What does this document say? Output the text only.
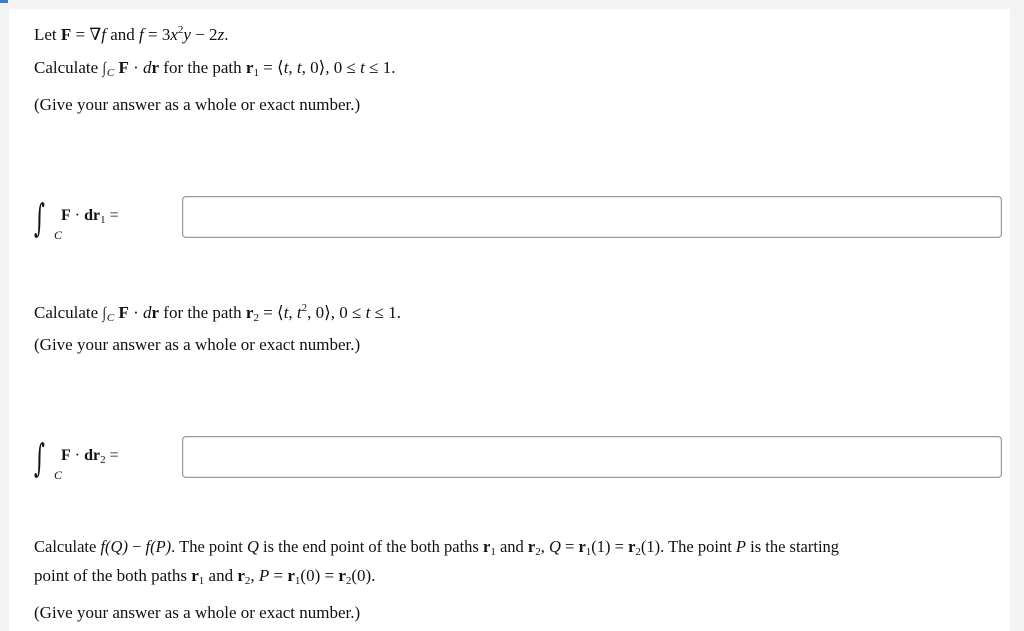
Let F = ∇f and $f = 3x^2y - 2z$.
Calculate $\int_C$ F · dr for the path $r_1$ = ⟨t, t, 0⟩, 0 ≤ t ≤ 1.
(Give your answer as a whole or exact number.)
∫ C
$F \cdot dr_1$ =
Calculate $\int_C$ F · dr for the path $r_2$ = ⟨t, $t^2$, 0⟩, 0 ≤ t ≤ 1.
(Give your answer as a whole or exact number.)
∫ C
$F \cdot dr_2$ =
Calculate f(Q) − f(P). The point Q is the end point of the both paths $r_1$ and $r_2$, $Q = r_1(1) = r_2(1)$. The point P is the starting
point of the both paths $r_1$ and $r_2$, $P = r_1(0) = r_2(0)$.
(Give your answer as a whole or exact number.)
